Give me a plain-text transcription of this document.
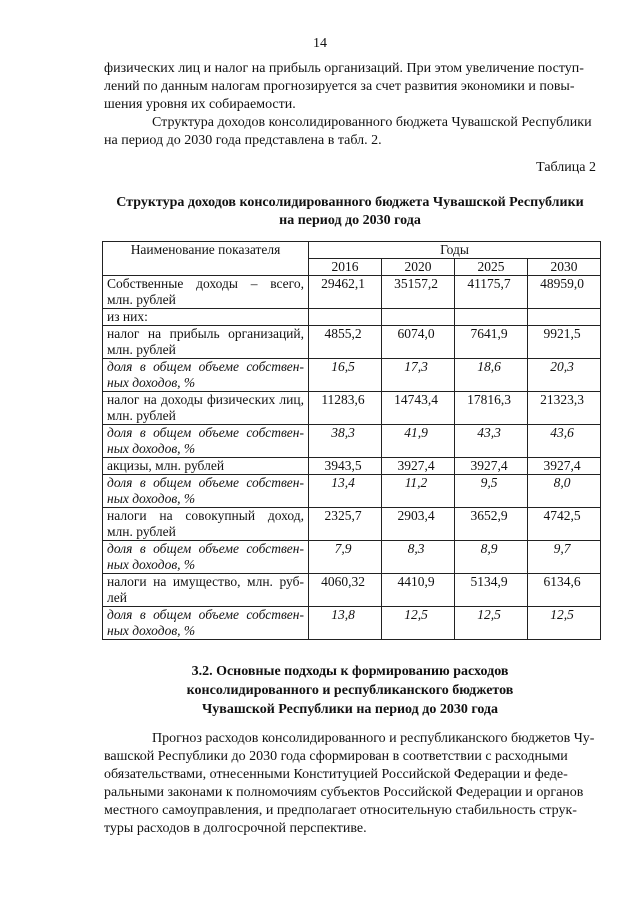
14
физических лиц и налог на прибыль организаций. При этом увеличение поступ-
лений по данным налогам прогнозируется за счет развития экономики и повы-
шения уровня их собираемости.
Структура доходов консолидированного бюджета Чувашской Республики
на период до 2030 года представлена в табл. 2.
Таблица 2
Структура доходов консолидированного бюджета Чувашской Республики
на период до 2030 года
Наименование показателя	Годы			
	2016	2020	2025	2030
Собственные доходы – всего, млн. рублей	29462,1	35157,2	41175,7	48959,0
из них:				
налог на прибыль организаций, млн. рублей	4855,2	6074,0	7641,9	9921,5
доля в общем объеме собствен-ных доходов, %	16,5	17,3	18,6	20,3
налог на доходы физических лиц, млн. рублей	11283,6	14743,4	17816,3	21323,3
доля в общем объеме собствен-ных доходов, %	38,3	41,9	43,3	43,6
акцизы, млн. рублей	3943,5	3927,4	3927,4	3927,4
доля в общем объеме собствен-ных доходов, %	13,4	11,2	9,5	8,0
налоги на совокупный доход, млн. рублей	2325,7	2903,4	3652,9	4742,5
доля в общем объеме собствен-ных доходов, %	7,9	8,3	8,9	9,7
налоги на имущество, млн. руб-лей	4060,32	4410,9	5134,9	6134,6
доля в общем объеме собствен-ных доходов, %	13,8	12,5	12,5	12,5
3.2. Основные подходы к формированию расходов
консолидированного и республиканского бюджетов
Чувашской Республики на период до 2030 года
Прогноз расходов консолидированного и республиканского бюджетов Чу-
вашской Республики до 2030 года сформирован в соответствии с расходными
обязательствами, отнесенными Конституцией Российской Федерации и феде-
ральными законами к полномочиям субъектов Российской Федерации и органов
местного самоуправления, и предполагает относительную стабильность струк-
туры расходов в долгосрочной перспективе.
